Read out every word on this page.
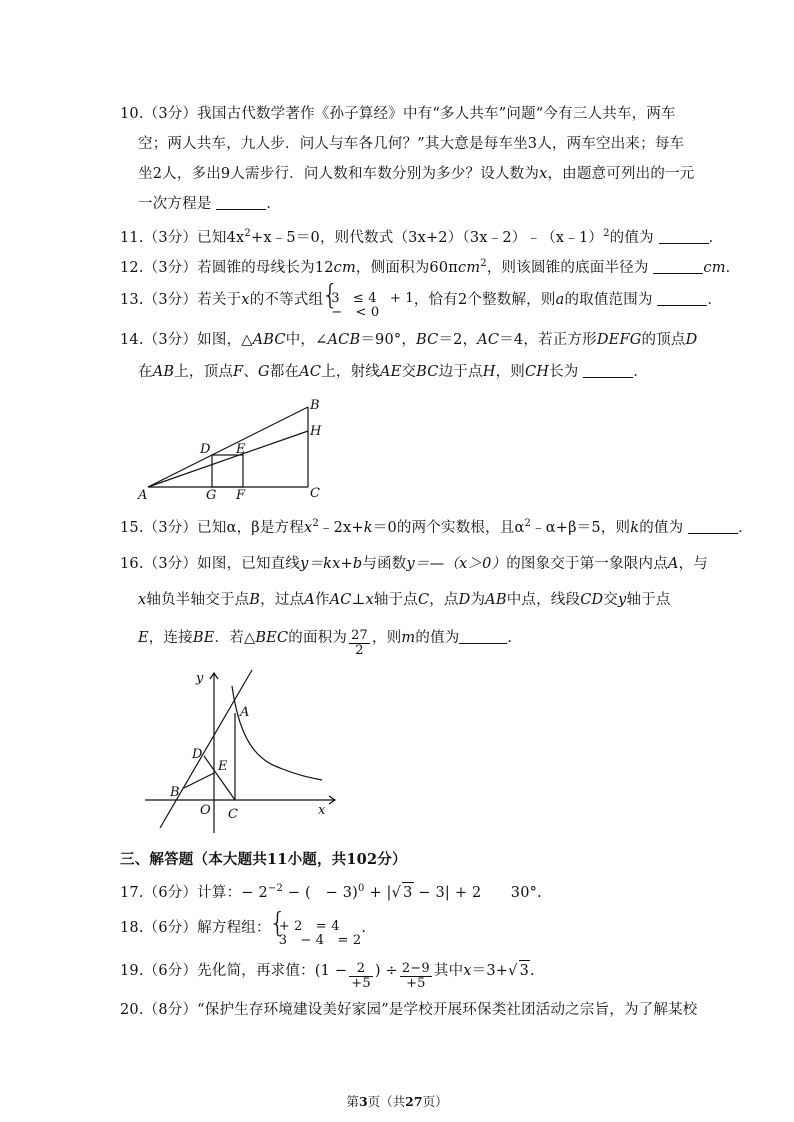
10.（3分）我国古代数学著作《孙子算经》中有“多人共车”问题“今有三人共车，两车
空；两人共车，九人步．问人与车各几何？”其大意是每车坐3人，两车空出来；每车
坐2人，多出9人需步行．问人数和车数分别为多少？设人数为x，由题意可列出的一元
一次方程是	．
11.（3分）已知$4x^2+x﹣5=0$，则代数式（3x+2）（3x﹣2）﹣（x﹣1）$^2$的值为	．
12.（3分）若圆锥的母线长为12cm，侧面积为60πcm$^2$，则该圆锥的底面半径为	cm．
13.（3分）若关于x的不等式组 { 3　≤ 4　+ 1
−　< 0
，恰有2个整数解，则a的取值范围为	．
14.（3分）如图，△ABC中，∠ACB＝90°，BC＝2，AC＝4，若正方形DEFG的顶点D
在AB上，顶点F、G都在AC上，射线AE交BC边于点H，则CH长为	．
A
B
C
D E
F
G
H
15.（3分）已知α，β是方程$x^2﹣2x+k=0$的两个实数根，且$\alpha^2﹣\alpha+\beta=5$，则k的值为	．
16.（3分）如图，已知直线y＝kx+b与函数y＝—（x＞0）的图象交于第一象限内点A，与
x轴负半轴交于点B，过点A作AC⊥x轴于点C，点D为AB中点，线段CD交y轴于点
E，连接BE．若△BEC的面积为 $\frac{27}{2}$ ，则m的值为	．
y
A
D
E
B
O C	x
三、解答题（本大题共11小题，共102分）
17.（6分）计算：− $2^{-2}$ − (　− 3)$^0$ + |√ 3 − 3| + 2　　30°.
18.（6分）解方程组： { + 2　= 4
3　− 4　= 2
.
19.（6分）先化简，再求值：($1 - \frac{2}{+5}$ ) ÷ $\frac{2-9}{+5}$ 其中x＝3+√ 3.
20.（8分）“保护生存环境建设美好家园”是学校开展环保类社团活动之宗旨，为了解某校
第3页（共27页）
